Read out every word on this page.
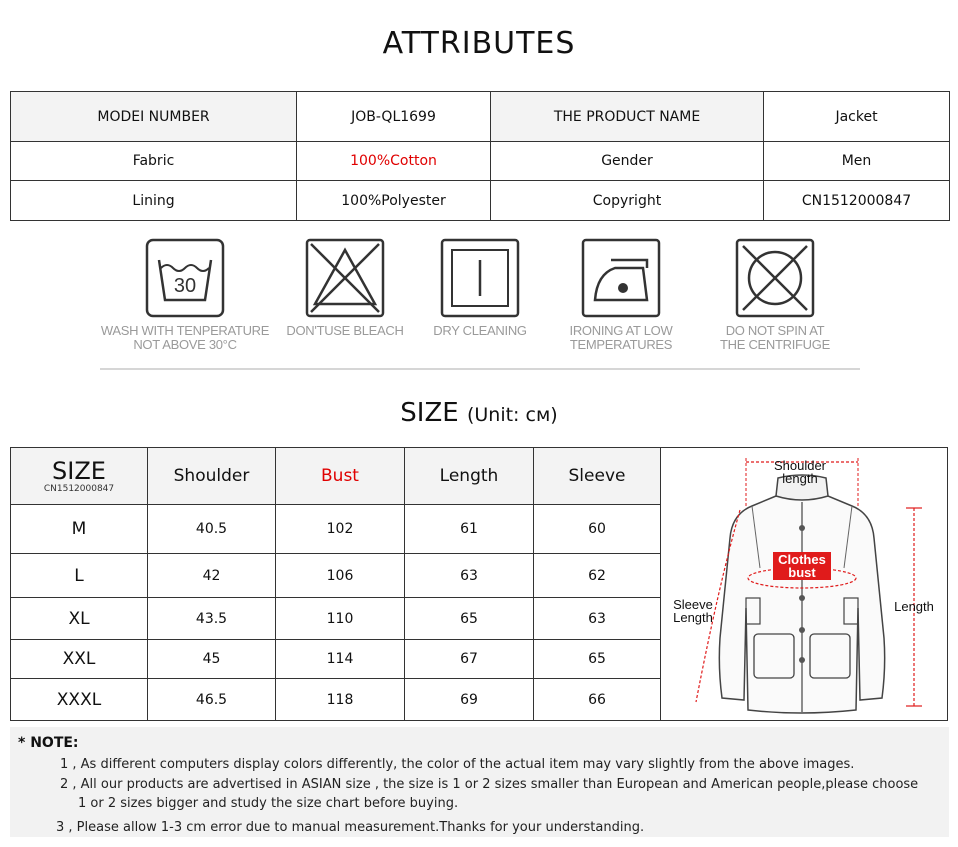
ATTRIBUTES
MODEI NUMBER	JOB-QL1699	THE PRODUCT NAME	Jacket
Fabric	100%Cotton	Gender	Men
Lining	100%Polyester	Copyright	CN1512000847
30
WASH WITH TENPERATURE
NOT ABOVE 30°C
DON'TUSE BLEACH	DRY CLEANING	IRONING AT LOW
TEMPERATURES
DO NOT SPIN AT
THE CENTRIFUGE
SIZE (Unit: cм)
SIZE
CN1512000847	Shoulder	Bust	Length	Sleeve
M	40.5	102	61	60
L	42	106	63	62
XL	43.5	110	65	63
XXL	45	114	67	65
XXXL	46.5	118	69	66
Shoulder
length
Clothes
bust
Sleeve
Length
Length
* NOTE:
1 , As different computers display colors differently, the color of the actual item may vary slightly from the above images.
2 , All our products are advertised in ASIAN size , the size is 1 or 2 sizes smaller than European and American people,please choose
1 or 2 sizes bigger and study the size chart before buying.
3 , Please allow 1-3 cm error due to manual measurement.Thanks for your understanding.
